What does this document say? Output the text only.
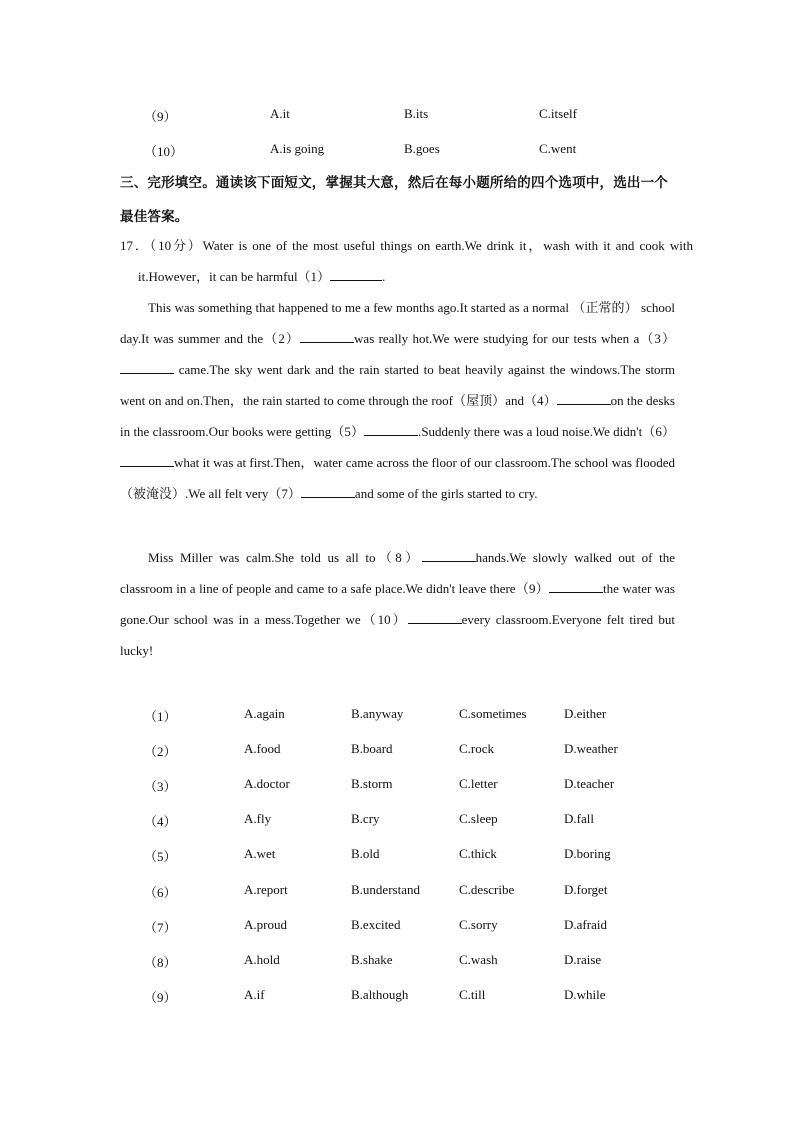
（9）	A.it	B.its	C.itself
（10）	A.is going	B.goes	C.went
三、完形填空。通读该下面短文，掌握其大意，然后在每小题所给的四个选项中，选出一个最佳答案。
17．（10分）Water is one of the most useful things on earth.We drink it，wash with it and cook with it.However，it can be harmful（1）	.
This was something that happened to me a few months ago.It started as a normal （正常的） school day.It was summer and the（2）	was really hot.We were studying for our tests when a（3） came.The sky went dark and the rain started to beat heavily against the windows.The storm went on and on.Then，the rain started to come through the roof（屋顶）and（4）	on the desks in the classroom.Our books were getting（5）	.Suddenly there was a loud noise.We didn't（6）what it was at first.Then，water came across the floor of our classroom.The school was flooded （被淹没）.We all felt very（7）	and some of the girls started to cry.
Miss Miller was calm.She told us all to（8）	hands.We slowly walked out of the classroom in a line of people and came to a safe place.We didn't leave there（9）	the water was gone.Our school was in a mess.Together we（10）	every classroom.Everyone felt tired but lucky!
（1）	A.again	B.anyway	C.sometimes	D.either
（2）	A.food	B.board	C.rock	D.weather
（3）	A.doctor	B.storm	C.letter	D.teacher
（4）	A.fly	B.cry	C.sleep	D.fall
（5）	A.wet	B.old	C.thick	D.boring
（6）	A.report	B.understand	C.describe	D.forget
（7）	A.proud	B.excited	C.sorry	D.afraid
（8）	A.hold	B.shake	C.wash	D.raise
（9）	A.if	B.although	C.till	D.while
